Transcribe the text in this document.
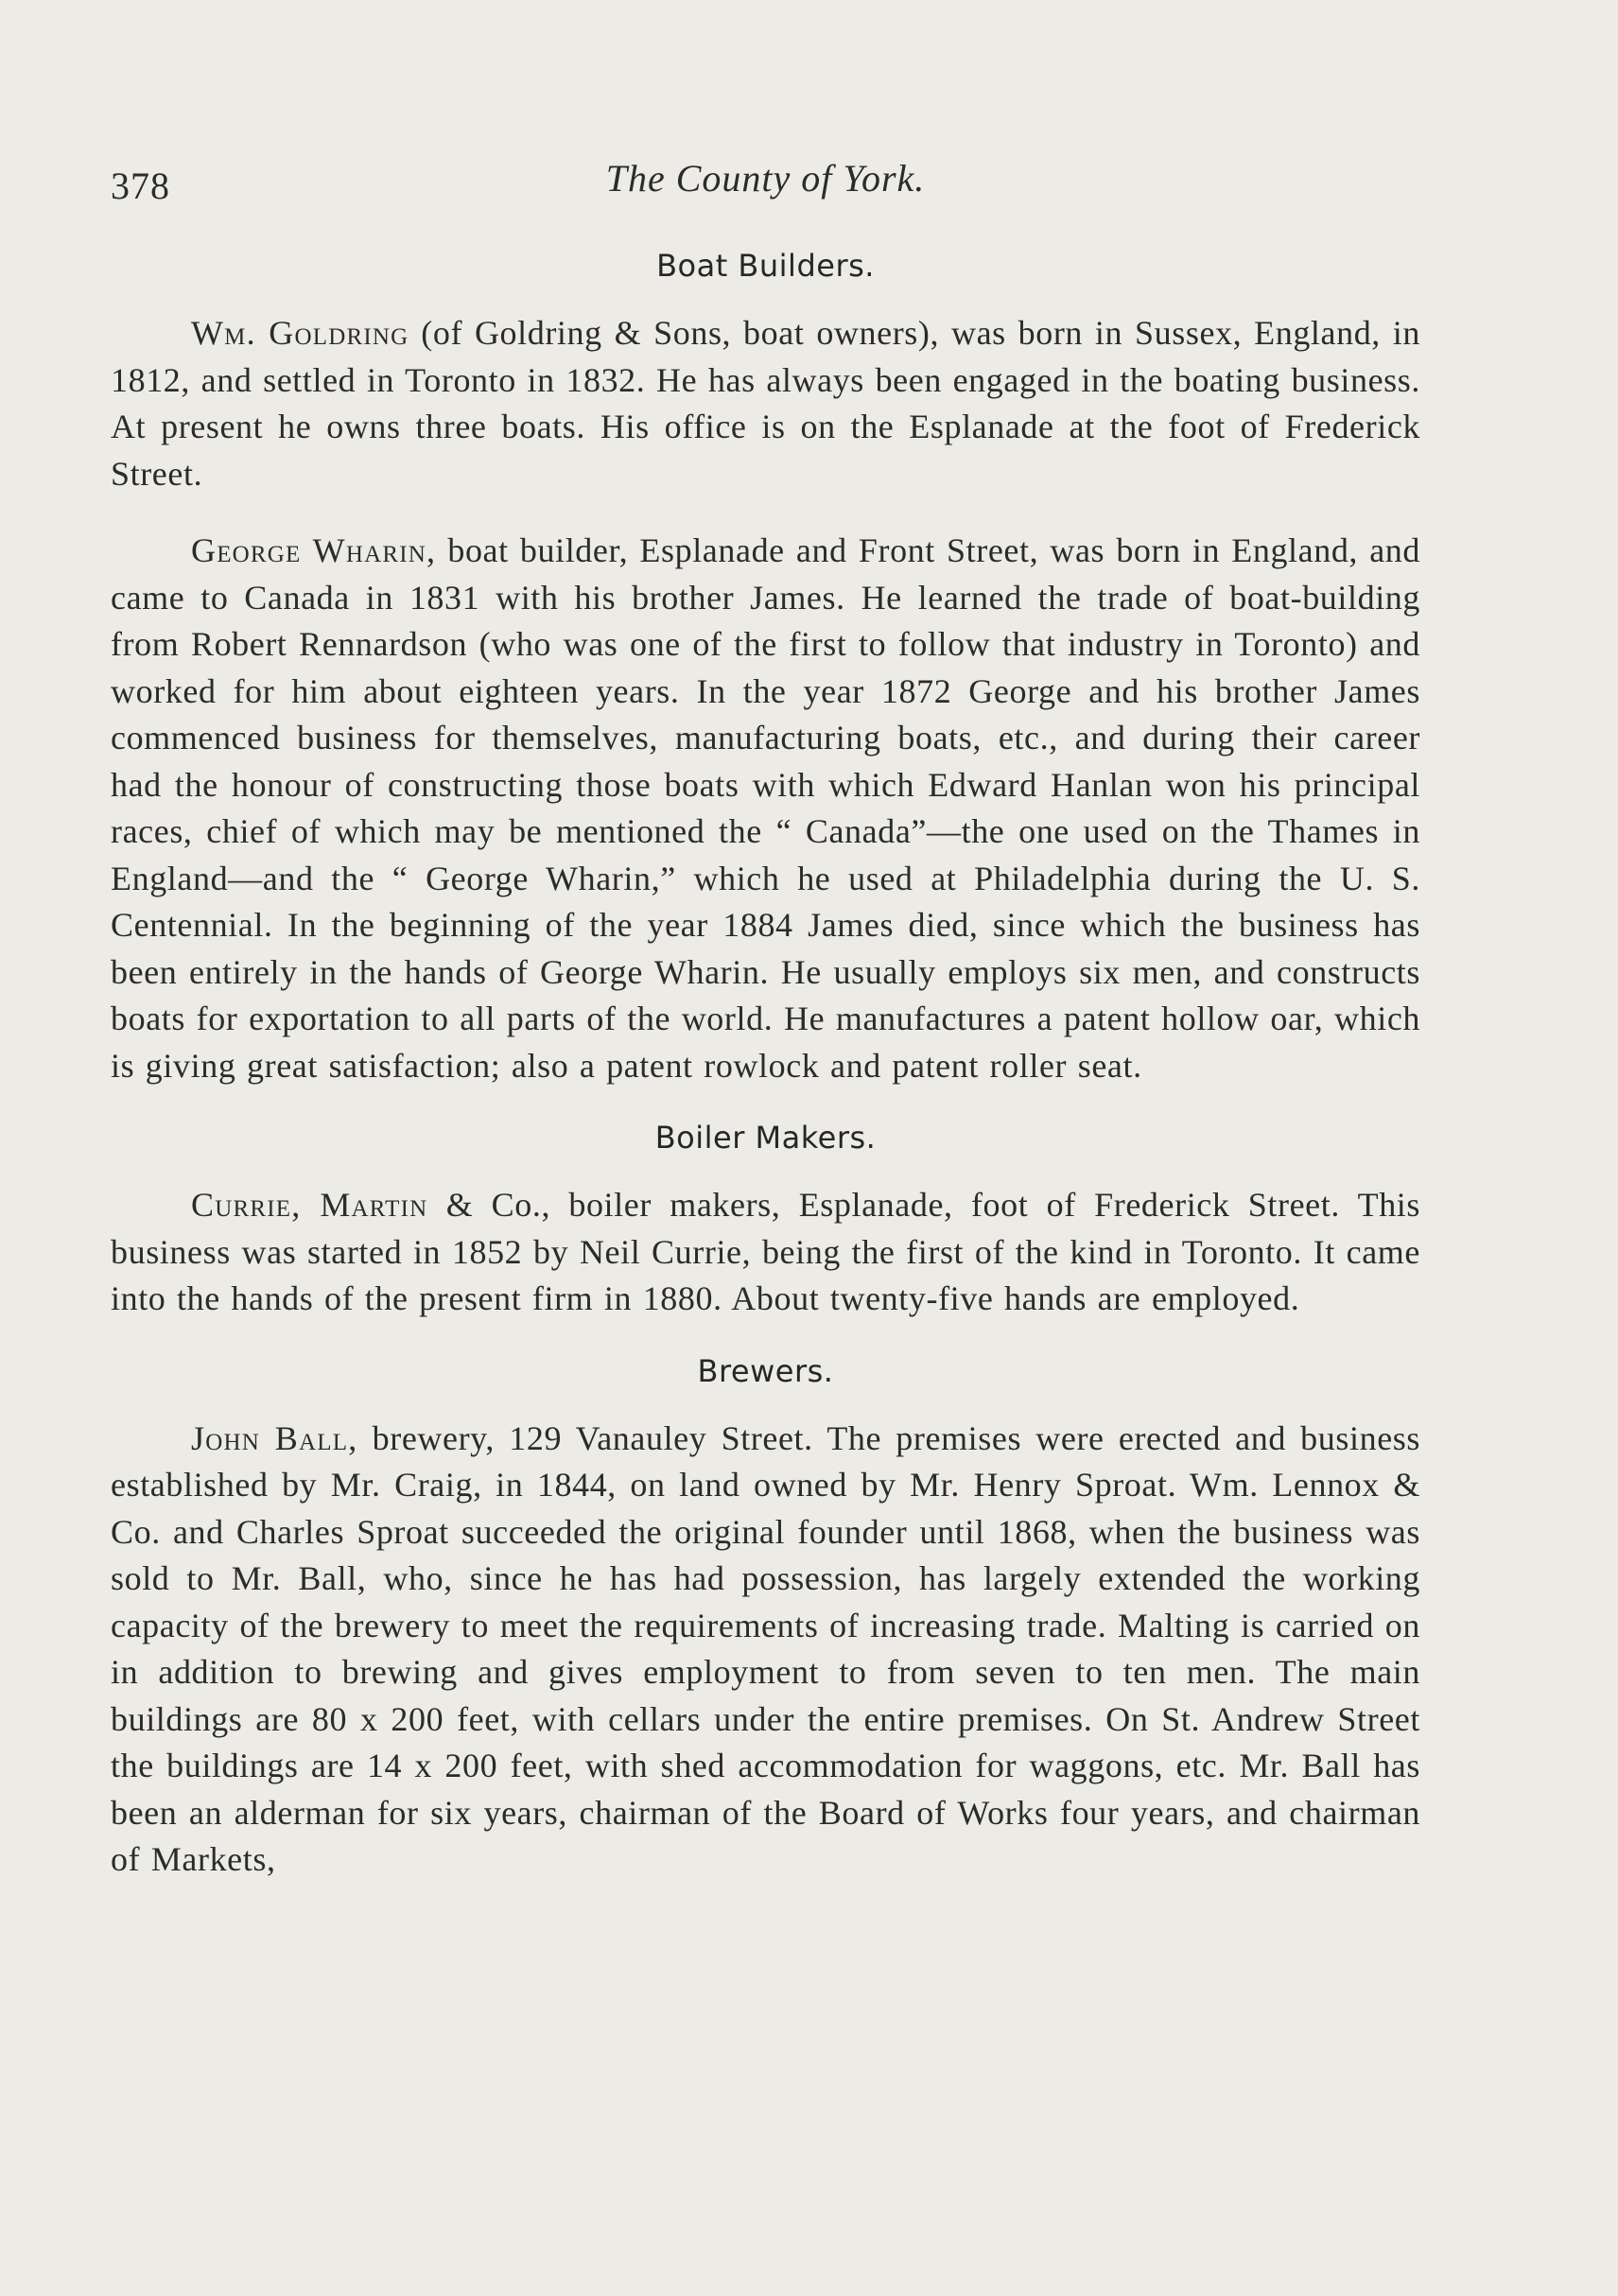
378	The County of York.
Boat Builders.

Wm. Goldring (of Goldring & Sons, boat owners), was born in Sussex, England, in 1812, and settled in Toronto in 1832. He has always been engaged in the boating business. At present he owns three boats. His office is on the Esplanade at the foot of Frederick Street.

George Wharin, boat builder, Esplanade and Front Street, was born in England, and came to Canada in 1831 with his brother James. He learned the trade of boat-building from Robert Rennardson (who was one of the first to follow that industry in Toronto) and worked for him about eighteen years. In the year 1872 George and his brother James commenced business for themselves, manufacturing boats, etc., and during their career had the honour of constructing those boats with which Edward Hanlan won his principal races, chief of which may be mentioned the “ Canada”—the one used on the Thames in England—and the “ George Wharin,” which he used at Philadelphia during the U. S. Centennial. In the beginning of the year 1884 James died, since which the business has been entirely in the hands of George Wharin. He usually employs six men, and constructs boats for exportation to all parts of the world. He manufactures a patent hollow oar, which is giving great satisfaction; also a patent rowlock and patent roller seat.

Boiler Makers.

Currie, Martin & Co., boiler makers, Esplanade, foot of Frederick Street. This business was started in 1852 by Neil Currie, being the first of the kind in Toronto. It came into the hands of the present firm in 1880. About twenty-five hands are employed.

Brewers.

John Ball, brewery, 129 Vanauley Street. The premises were erected and business established by Mr. Craig, in 1844, on land owned by Mr. Henry Sproat. Wm. Lennox & Co. and Charles Sproat succeeded the original founder until 1868, when the business was sold to Mr. Ball, who, since he has had possession, has largely extended the working capacity of the brewery to meet the requirements of increasing trade. Malting is carried on in addition to brewing and gives employment to from seven to ten men. The main buildings are 80 x 200 feet, with cellars under the entire premises. On St. Andrew Street the buildings are 14 x 200 feet, with shed accommodation for waggons, etc. Mr. Ball has been an alderman for six years, chairman of the Board of Works four years, and chairman of Markets,
